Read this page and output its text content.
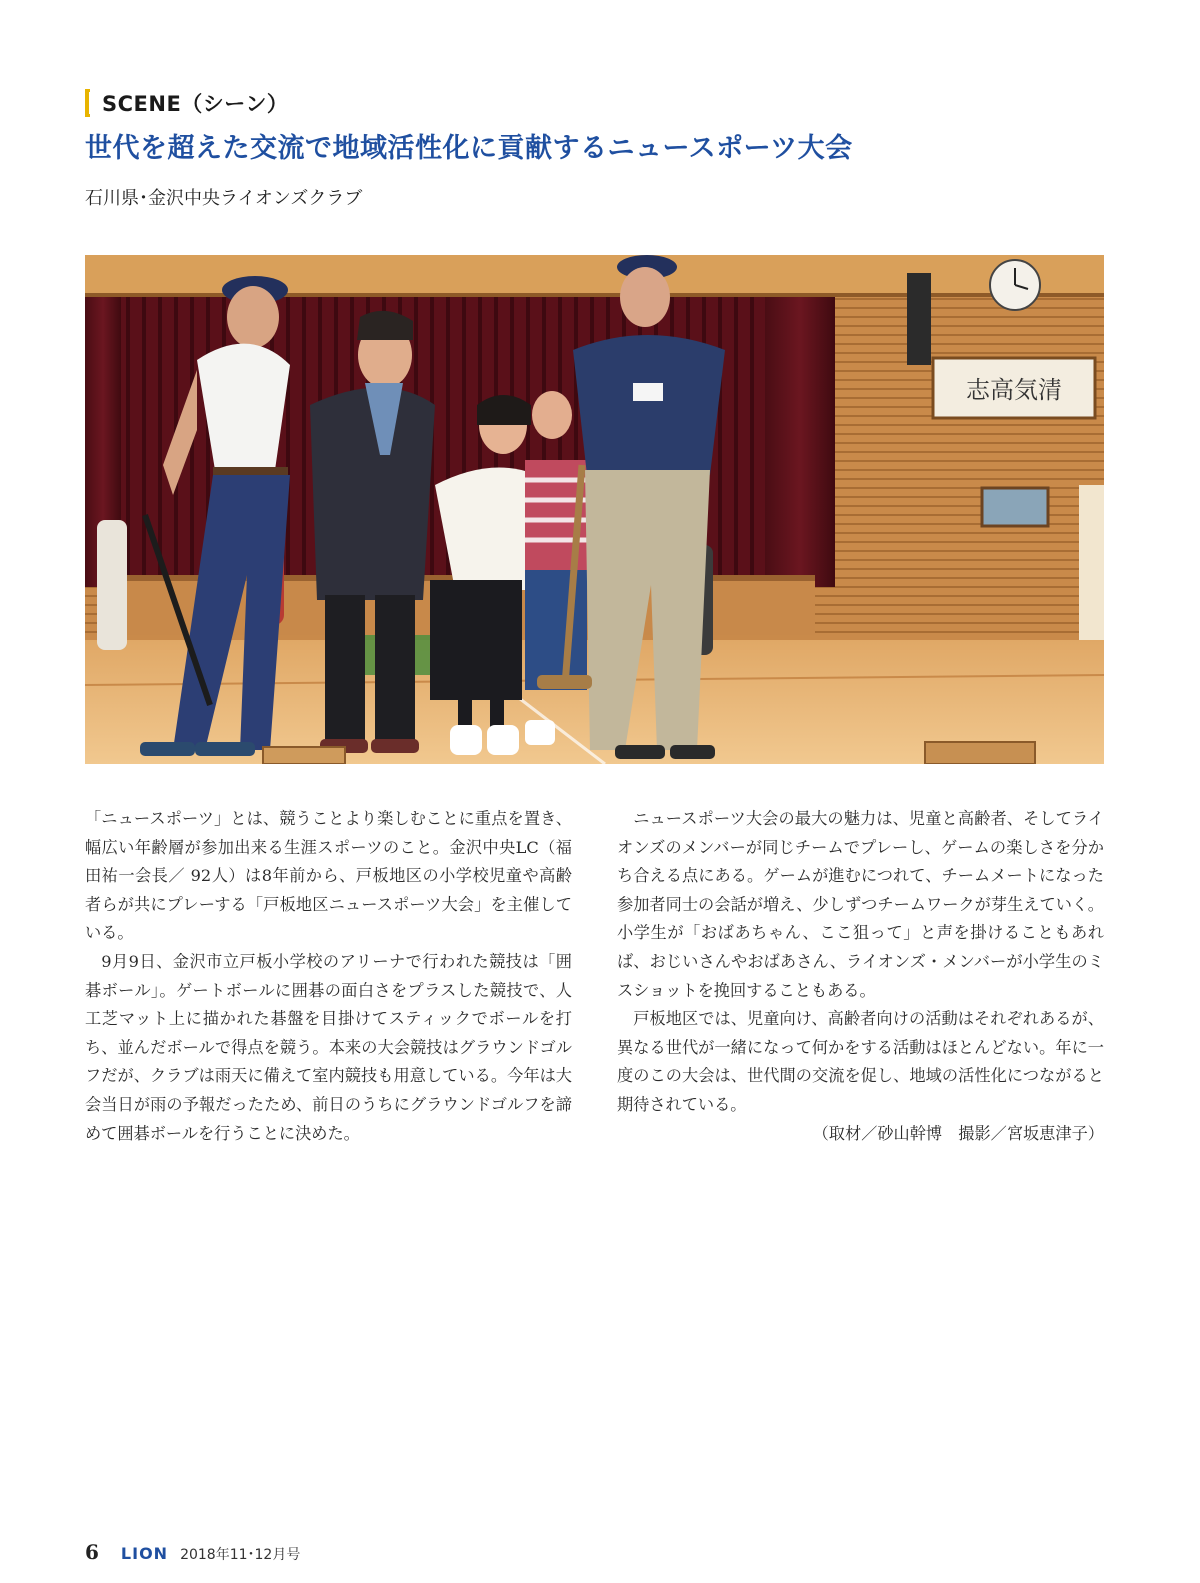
SCENE（シーン）
世代を超えた交流で地域活性化に貢献するニュースポーツ大会
石川県･金沢中央ライオンズクラブ
志高気清

「ニュースポーツ」とは、競うことより楽しむことに重点を置き、幅広い年齢層が参加出来る生涯スポーツのこと。金沢中央LC（福田祐一会長／ 92人）は8年前から、戸板地区の小学校児童や高齢者らが共にプレーする「戸板地区ニュースポーツ大会」を主催している。

9月9日、金沢市立戸板小学校のアリーナで行われた競技は「囲碁ボール」。ゲートボールに囲碁の面白さをプラスした競技で、人工芝マット上に描かれた碁盤を目掛けてスティックでボールを打ち、並んだボールで得点を競う。本来の大会競技はグラウンドゴルフだが、クラブは雨天に備えて室内競技も用意している。今年は大会当日が雨の予報だったため、前日のうちにグラウンドゴルフを諦めて囲碁ボールを行うことに決めた。

ニュースポーツ大会の最大の魅力は、児童と高齢者、そしてライオンズのメンバーが同じチームでプレーし、ゲームの楽しさを分かち合える点にある。ゲームが進むにつれて、チームメートになった参加者同士の会話が増え、少しずつチームワークが芽生えていく。小学生が「おばあちゃん、ここ狙って」と声を掛けることもあれば、おじいさんやおばあさん、ライオンズ・メンバーが小学生のミスショットを挽回することもある。

戸板地区では、児童向け、高齢者向けの活動はそれぞれあるが、異なる世代が一緒になって何かをする活動はほとんどない。年に一度のこの大会は、世代間の交流を促し、地域の活性化につながると期待されている。

（取材／砂山幹博　撮影／宮坂恵津子）

6 LION 2018年11･12月号
